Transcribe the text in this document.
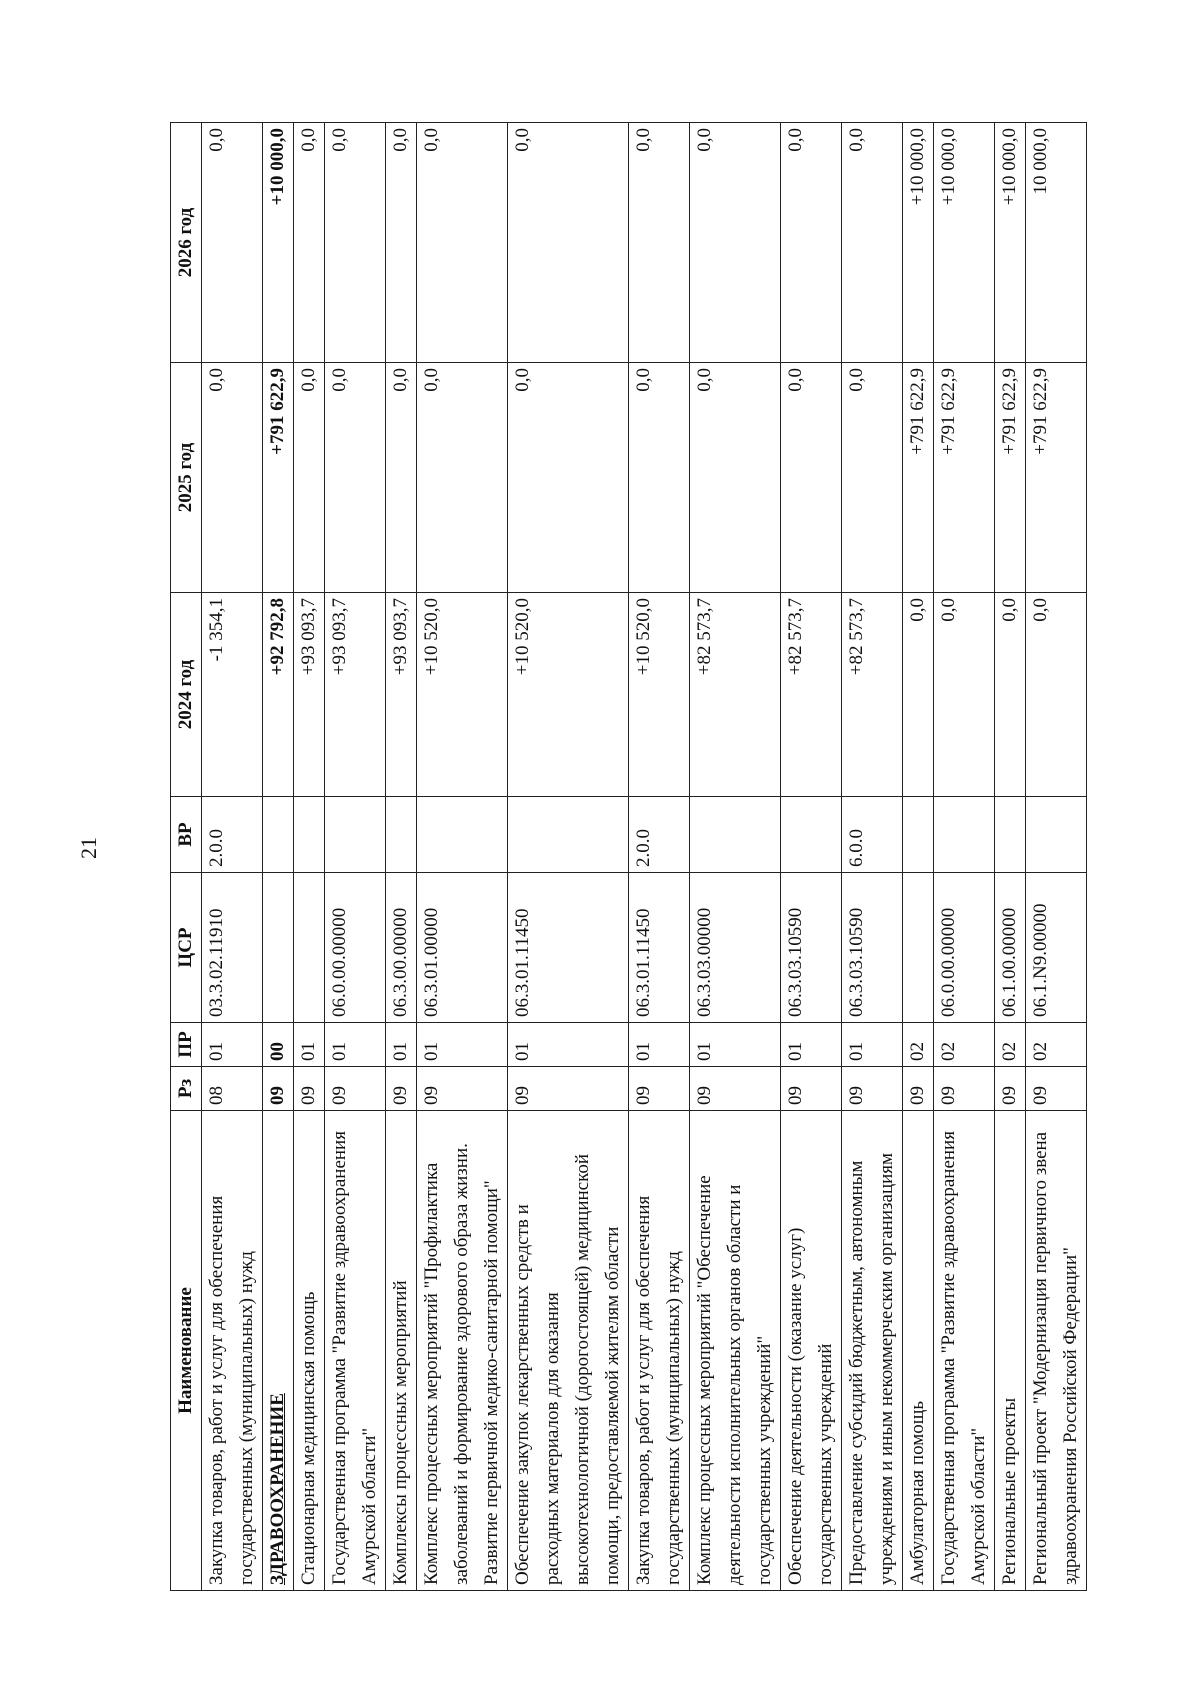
21
Наименование	Рз	ПР	ЦСР	ВР	2024 год	2025 год	2026 год
Закупка товаров, работ и услуг для обеспечения государственных (муниципальных) нужд	08	01	03.3.02.11910	2.0.0	-1 354,1	0,0	0,0
ЗДРАВООХРАНЕНИЕ	09	00			+92 792,8	+791 622,9	+10 000,0
Стационарная медицинская помощь	09	01			+93 093,7	0,0	0,0
Государственная программа "Развитие здравоохранения Амурской области"	09	01	06.0.00.00000		+93 093,7	0,0	0,0
Комплексы процессных мероприятий	09	01	06.3.00.00000		+93 093,7	0,0	0,0
Комплекс процессных мероприятий "Профилактика заболеваний и формирование здорового образа жизни. Развитие первичной медико-санитарной помощи"	09	01	06.3.01.00000		+10 520,0	0,0	0,0
Обеспечение закупок лекарственных средств и расходных материалов для оказания высокотехнологичной (дорогостоящей) медицинской помощи, предоставляемой жителям области	09	01	06.3.01.11450		+10 520,0	0,0	0,0
Закупка товаров, работ и услуг для обеспечения государственных (муниципальных) нужд	09	01	06.3.01.11450	2.0.0	+10 520,0	0,0	0,0
Комплекс процессных мероприятий "Обеспечение деятельности исполнительных органов области и государственных учреждений"	09	01	06.3.03.00000		+82 573,7	0,0	0,0
Обеспечение деятельности (оказание услуг) государственных учреждений	09	01	06.3.03.10590		+82 573,7	0,0	0,0
Предоставление субсидий бюджетным, автономным учреждениям и иным некоммерческим организациям	09	01	06.3.03.10590	6.0.0	+82 573,7	0,0	0,0
Амбулаторная помощь	09	02			0,0	+791 622,9	+10 000,0
Государственная программа "Развитие здравоохранения Амурской области"	09	02	06.0.00.00000		0,0	+791 622,9	+10 000,0
Региональные проекты	09	02	06.1.00.00000		0,0	+791 622,9	+10 000,0
Региональный проект "Модернизация первичного звена здравоохранения Российской Федерации"	09	02	06.1.N9.00000		0,0	+791 622,9	10 000,0
